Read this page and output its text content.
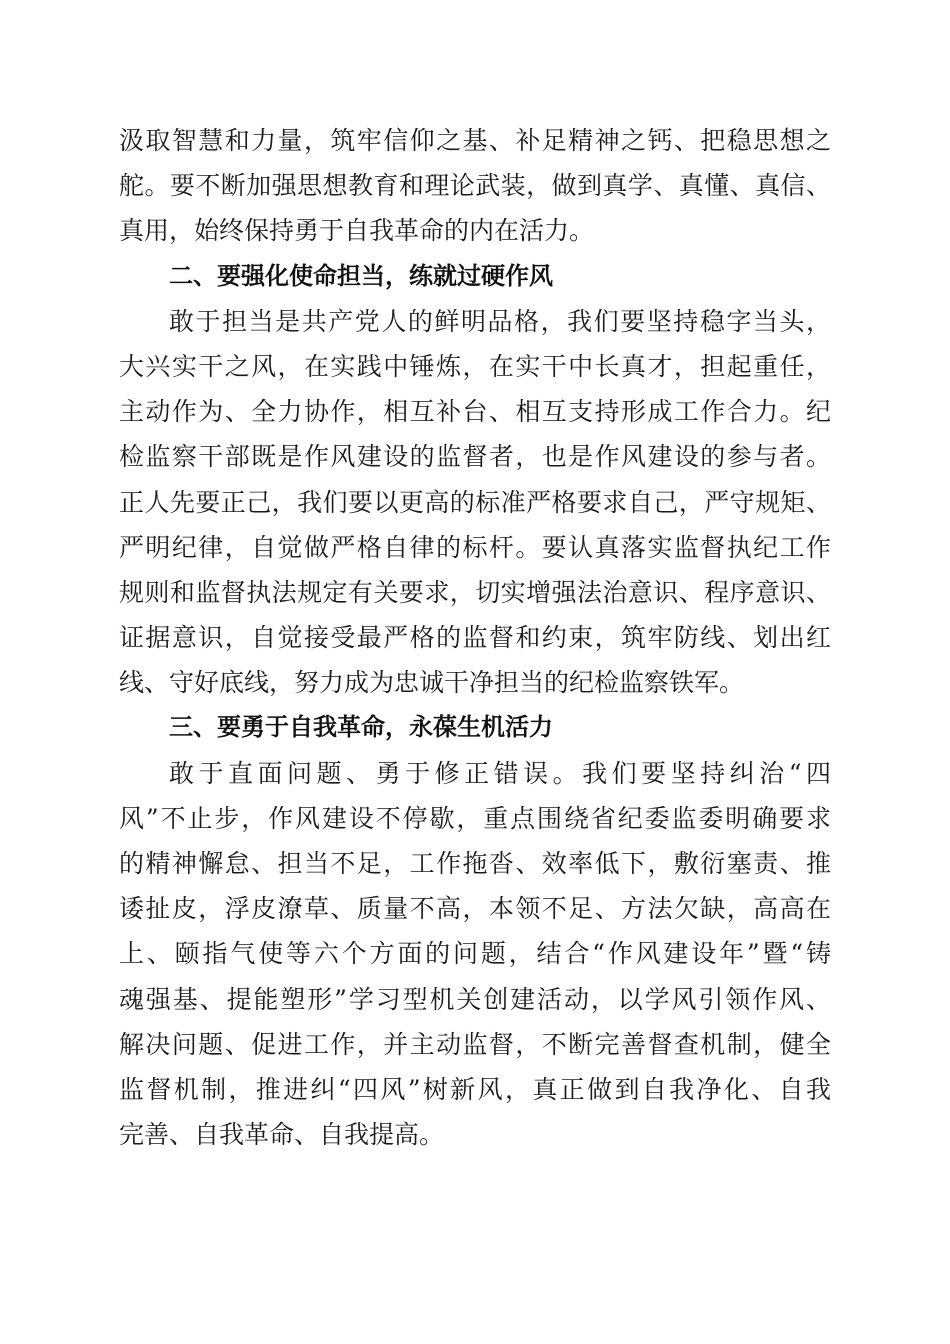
汲取智慧和力量，筑牢信仰之基、补足精神之钙、把稳思想之
舵。要不断加强思想教育和理论武装，做到真学、真懂、真信、
真用，始终保持勇于自我革命的内在活力。
二、要强化使命担当，练就过硬作风
敢于担当是共产党人的鲜明品格，我们要坚持稳字当头，
大兴实干之风，在实践中锤炼，在实干中长真才，担起重任，
主动作为、全力协作，相互补台、相互支持形成工作合力。纪
检监察干部既是作风建设的监督者，也是作风建设的参与者。
正人先要正己，我们要以更高的标准严格要求自己，严守规矩、
严明纪律，自觉做严格自律的标杆。要认真落实监督执纪工作
规则和监督执法规定有关要求，切实增强法治意识、程序意识、
证据意识，自觉接受最严格的监督和约束，筑牢防线、划出红
线、守好底线，努力成为忠诚干净担当的纪检监察铁军。
三、要勇于自我革命，永葆生机活力
敢于直面问题、勇于修正错误。我们要坚持纠治“四
风”不止步，作风建设不停歇，重点围绕省纪委监委明确要求
的精神懈怠、担当不足，工作拖沓、效率低下，敷衍塞责、推
诿扯皮，浮皮潦草、质量不高，本领不足、方法欠缺，高高在
上、颐指气使等六个方面的问题，结合“作风建设年”暨“铸
魂强基、提能塑形”学习型机关创建活动，以学风引领作风、
解决问题、促进工作，并主动监督，不断完善督查机制，健全
监督机制，推进纠“四风”树新风，真正做到自我净化、自我
完善、自我革命、自我提高。
